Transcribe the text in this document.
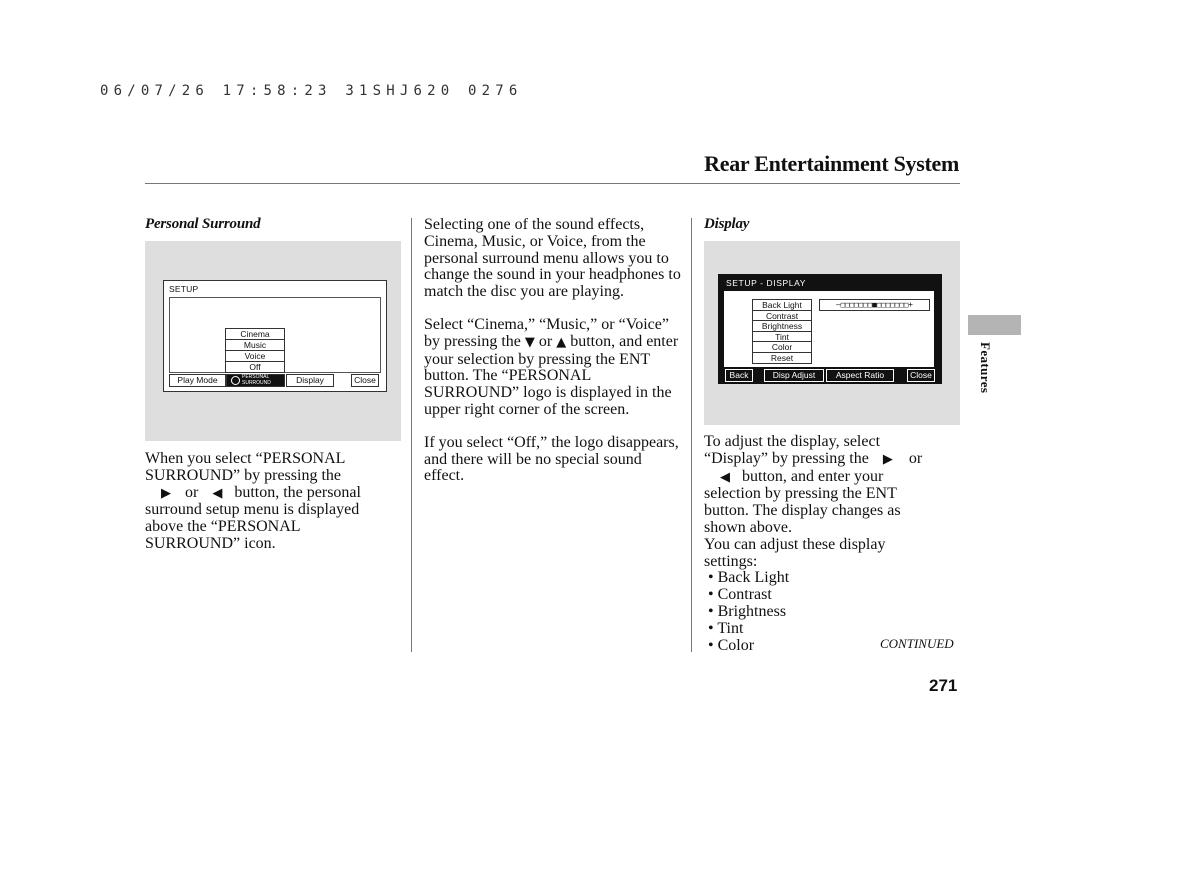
06/07/26 17:58:23 31SHJ620 0276
Rear Entertainment System
Personal Surround
SETUP
Cinema
Music
Voice
Off
Play Mode	PERSONAL
SURROUND	Display	Close
When you select “PERSONAL
SURROUND” by pressing the
▶ or ◀ button, the personal
surround setup menu is displayed
above the “PERSONAL
SURROUND” icon.

Selecting one of the sound effects, Cinema, Music, or Voice, from the personal surround menu allows you to change the sound in your headphones to match the disc you are playing.

Select “Cinema,” “Music,” or “Voice” by pressing the ▼ or ▲ button, and enter your selection by pressing the ENT button. The “PERSONAL SURROUND” logo is displayed in the upper right corner of the screen.

If you select “Off,” the logo disappears, and there will be no special sound effect.

Display
SETUP - DISPLAY
Back Light
Contrast
Brightness
Tint
Color
Reset
–□□□□□□□■□□□□□□□+
Back	Disp Adjust	Aspect Ratio	Close
To adjust the display, select
“Display” by pressing the ▶ or
◀ button, and enter your
selection by pressing the ENT
button. The display changes as
shown above.
You can adjust these display
settings:
• Back Light
• Contrast
• Brightness
• Tint
• Color	CONTINUED
Features
271
